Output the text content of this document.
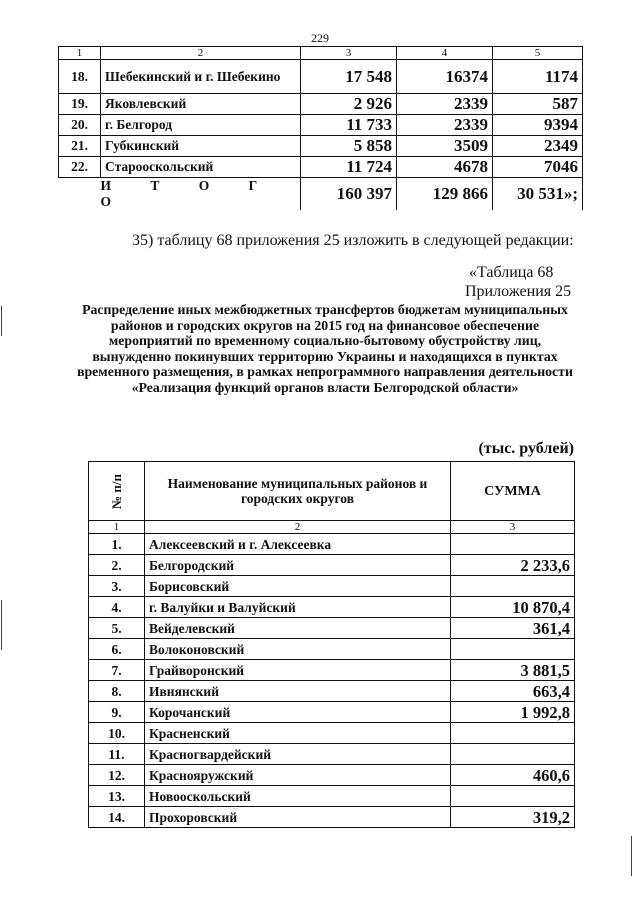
229
1	2	3	4	5
18.	Шебекинский и г. Шебекино	17 548	16374	1174
19.	Яковлевский	2 926	2339	587
20.	г. Белгород	11 733	2339	9394
21.	Губкинский	5 858	3509	2349
22.	Старооскольский	11 724	4678	7046
И Т О Г О		160 397	129 866	30 531»;
35) таблицу 68 приложения 25 изложить в следующей редакции:
«Таблица 68
Приложения 25
Распределение иных межбюджетных трансфертов бюджетам муниципальных районов и городских округов на 2015 год на финансовое обеспечение мероприятий по временному социально-бытовому обустройству лиц, вынужденно покинувших территорию Украины и находящихся в пунктах временного размещения, в рамках непрограммного направления деятельности «Реализация функций органов власти Белгородской области»
(тыс. рублей)
№ п/п	Наименование муниципальных районов и городских округов	СУММА
1	2	3
1.	Алексеевский и г. Алексеевка	
2.	Белгородский	2 233,6
3.	Борисовский	
4.	г. Валуйки и Валуйский	10 870,4
5.	Вейделевский	361,4
6.	Волоконовский	
7.	Грайворонский	3 881,5
8.	Ивнянский	663,4
9.	Корочанский	1 992,8
10.	Красненский	
11.	Красногвардейский	
12.	Краснояружский	460,6
13.	Новооскольский	
14.	Прохоровский	319,2
